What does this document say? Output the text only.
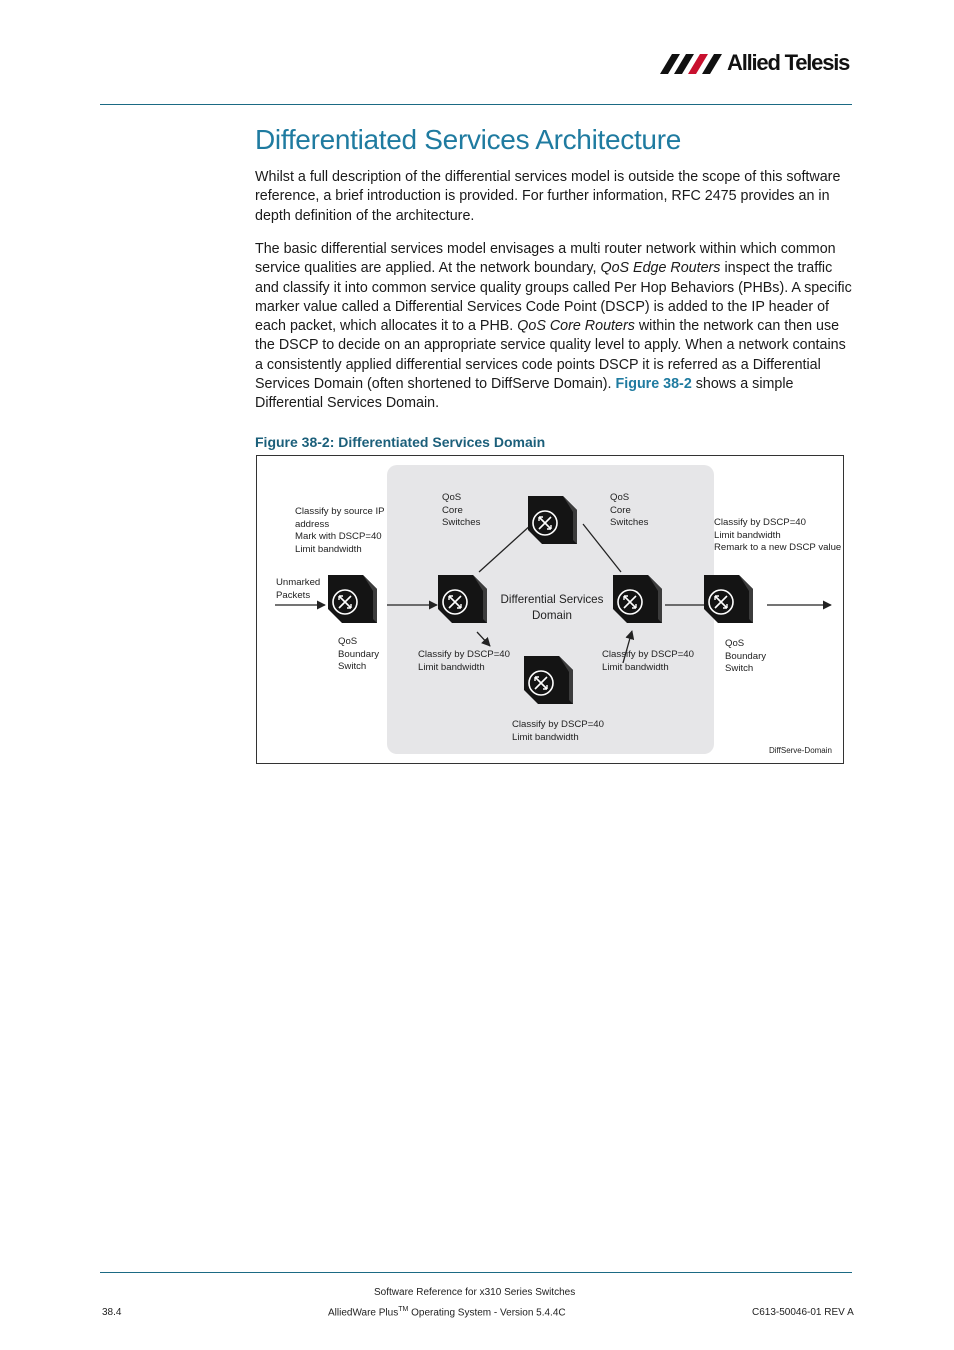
Allied Telesis
Differentiated Services Architecture

Whilst a full description of the differential services model is outside the scope of this software reference, a brief introduction is provided. For further information, RFC 2475 provides an in depth definition of the architecture.

The basic differential services model envisages a multi router network within which common service qualities are applied. At the network boundary, QoS Edge Routers inspect the traffic and classify it into common service quality groups called Per Hop Behaviors (PHBs). A specific marker value called a Differential Services Code Point (DSCP) is added to the IP header of each packet, which allocates it to a PHB. QoS Core Routers within the network can then use the DSCP to decide on an appropriate service quality level to apply. When a network contains a consistently applied differential services code points DSCP it is referred as a Differential Services Domain (often shortened to DiffServe Domain). Figure 38-2 shows a simple Differential Services Domain.

Figure 38-2: Differentiated Services Domain

Classify by source IP
address
Mark with DSCP=40
Limit bandwidth
Unmarked
Packets
QoS
Core
Switches
QoS
Core
Switches	Classify by DSCP=40
Limit bandwidth
Remark to a new DSCP value
Differential Services
Domain
QoS
Boundary
Switch
QoS
Boundary
Switch
Classify by DSCP=40
Limit bandwidth
Classify by DSCP=40
Limit bandwidth
Classify by DSCP=40
Limit bandwidth
DiffServe-Domain
Software Reference for x310 Series Switches
38.4	AlliedWare Plus™ Operating System - Version 5.4.4C	C613-50046-01 REV A
